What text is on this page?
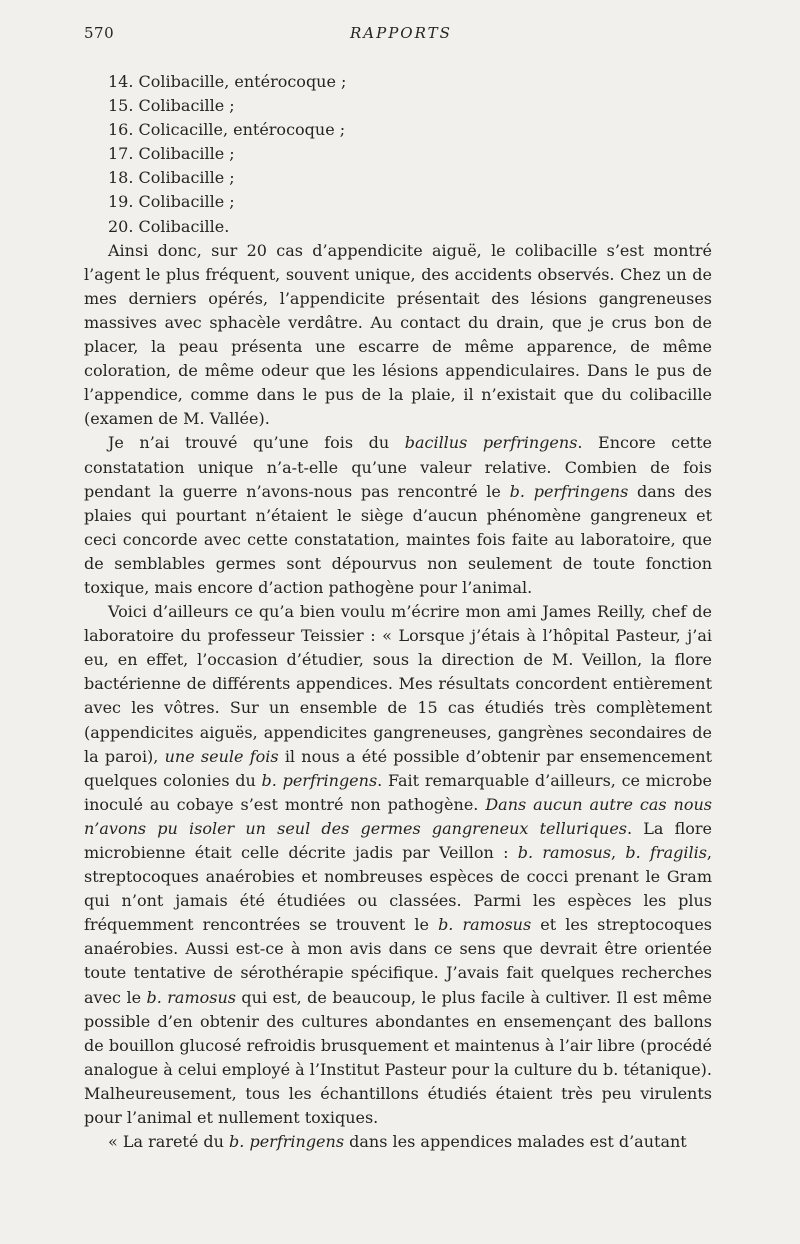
570	RAPPORTS

14. Colibacille, entérocoque ;

15. Colibacille ;

16. Colicacille, entérocoque ;

17. Colibacille ;

18. Colibacille ;

19. Colibacille ;

20. Colibacille.

Ainsi donc, sur 20 cas d’appendicite aiguë, le colibacille s’est montré l’agent le plus fréquent, souvent unique, des accidents observés. Chez un de mes derniers opérés, l’appendicite présentait des lésions gangreneuses massives avec sphacèle verdâtre. Au contact du drain, que je crus bon de placer, la peau présenta une escarre de même apparence, de même coloration, de même odeur que les lésions appendiculaires. Dans le pus de l’appendice, comme dans le pus de la plaie, il n’existait que du colibacille (examen de M. Vallée).

Je n’ai trouvé qu’une fois du bacillus perfringens. Encore cette constatation unique n’a-t-elle qu’une valeur relative. Combien de fois pendant la guerre n’avons-nous pas rencontré le b. perfringens dans des plaies qui pourtant n’étaient le siège d’aucun phénomène gangreneux et ceci concorde avec cette constatation, maintes fois faite au laboratoire, que de semblables germes sont dépourvus non seulement de toute fonction toxique, mais encore d’action pathogène pour l’animal.

Voici d’ailleurs ce qu’a bien voulu m’écrire mon ami James Reilly, chef de laboratoire du professeur Teissier : « Lorsque j’étais à l’hôpital Pasteur, j’ai eu, en effet, l’occasion d’étudier, sous la direction de M. Veillon, la flore bactérienne de différents appendices. Mes résultats concordent entièrement avec les vôtres. Sur un ensemble de 15 cas étudiés très complètement (appendicites aiguës, appendicites gangreneuses, gangrènes secondaires de la paroi), une seule fois il nous a été possible d’obtenir par ensemencement quelques colonies du b. perfringens. Fait remarquable d’ailleurs, ce microbe inoculé au cobaye s’est montré non pathogène. Dans aucun autre cas nous n’avons pu isoler un seul des germes gangreneux telluriques. La flore microbienne était celle décrite jadis par Veillon : b. ramosus, b. fragilis, streptocoques anaérobies et nombreuses espèces de cocci prenant le Gram qui n’ont jamais été étudiées ou classées. Parmi les espèces les plus fréquemment rencontrées se trouvent le b. ramosus et les streptocoques anaérobies. Aussi est-ce à mon avis dans ce sens que devrait être orientée toute tentative de sérothérapie spécifique. J’avais fait quelques recherches avec le b. ramosus qui est, de beaucoup, le plus facile à cultiver. Il est même possible d’en obtenir des cultures abondantes en ensemençant des ballons de bouillon glucosé refroidis brusquement et maintenus à l’air libre (procédé analogue à celui employé à l’Institut Pasteur pour la culture du b. tétanique). Malheureusement, tous les échantillons étudiés étaient très peu virulents pour l’animal et nullement toxiques.

« La rareté du b. perfringens dans les appendices malades est d’autant
